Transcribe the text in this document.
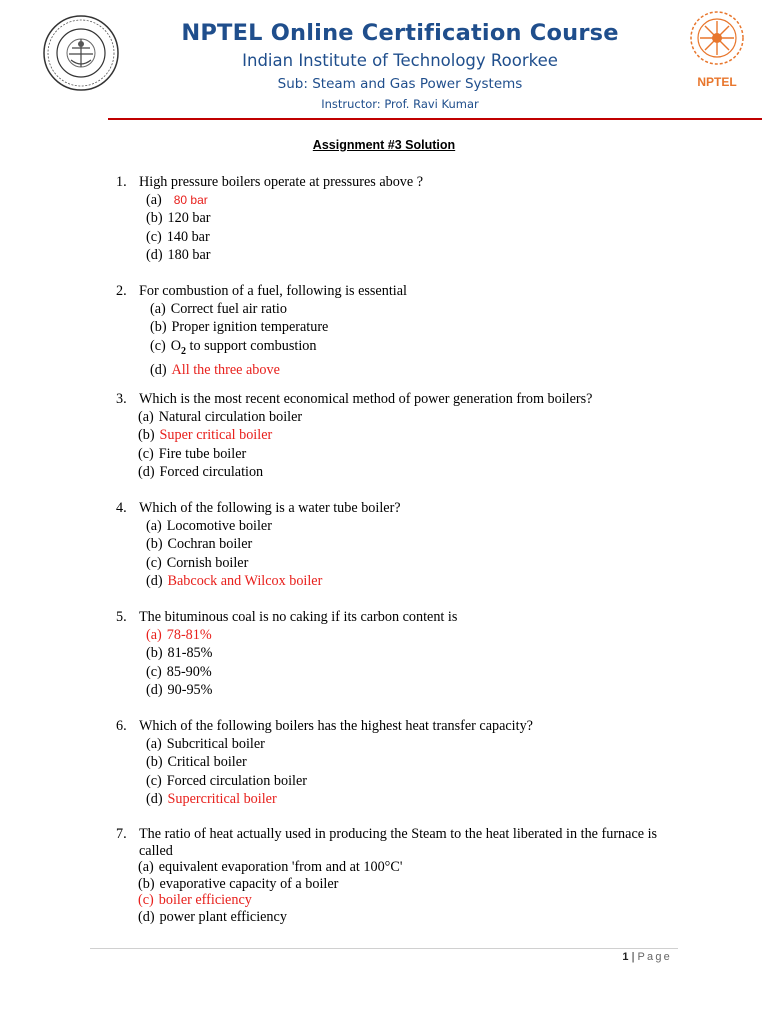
NPTEL Online Certification Course
Indian Institute of Technology Roorkee
Sub: Steam and Gas Power Systems
Instructor: Prof. Ravi Kumar
NPTEL
Assignment #3 Solution
1. High pressure boilers operate at pressures above ?
(a) 80 bar
(b) 120 bar
(c) 140 bar
(d) 180 bar
2. For combustion of a fuel, following is essential
(a) Correct fuel air ratio
(b) Proper ignition temperature
(c) $O_2$ to support combustion
(d) All the three above
3. Which is the most recent economical method of power generation from boilers?
(a) Natural circulation boiler
(b) Super critical boiler
(c) Fire tube boiler
(d) Forced circulation
4. Which of the following is a water tube boiler?
(a) Locomotive boiler
(b) Cochran boiler
(c) Cornish boiler
(d) Babcock and Wilcox boiler
5. The bituminous coal is no caking if its carbon content is
(a) 78-81%
(b) 81-85%
(c) 85-90%
(d) 90-95%
6. Which of the following boilers has the highest heat transfer capacity?
(a) Subcritical boiler
(b) Critical boiler
(c) Forced circulation boiler
(d) Supercritical boiler
7. The ratio of heat actually used in producing the Steam to the heat liberated in the furnace is called
(a) equivalent evaporation 'from and at 100°C'
(b) evaporative capacity of a boiler
(c) boiler efficiency
(d) power plant efficiency
1 | Page
